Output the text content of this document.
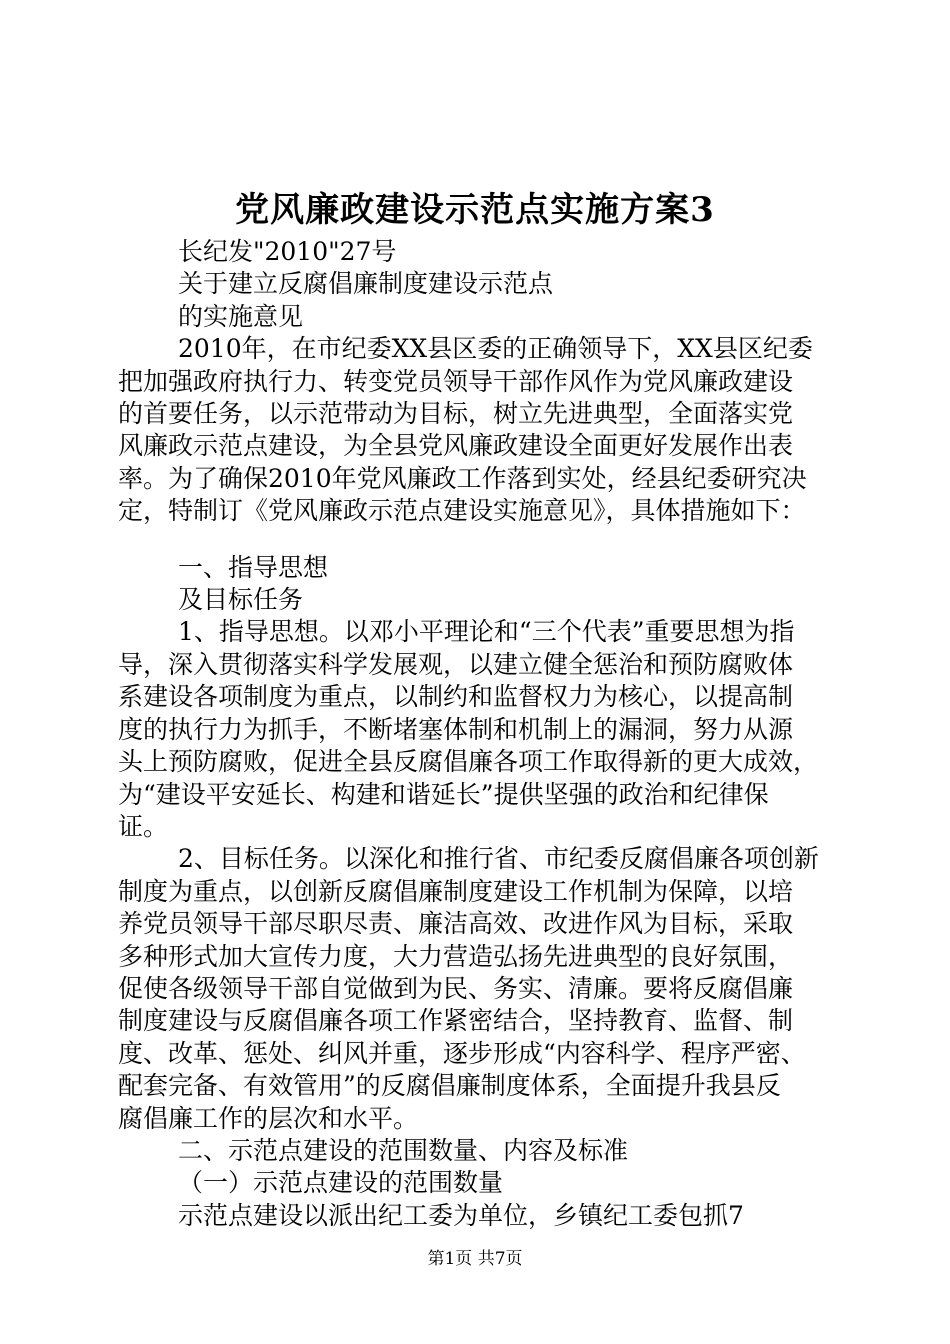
党风廉政建设示范点实施方案3

长纪发"2010"27号

关于建立反腐倡廉制度建设示范点

的实施意见

2010年，在市纪委XX县区委的正确领导下，XX县区纪委

把加强政府执行力、转变党员领导干部作风作为党风廉政建设

的首要任务，以示范带动为目标，树立先进典型，全面落实党

风廉政示范点建设，为全县党风廉政建设全面更好发展作出表

率。为了确保2010年党风廉政工作落到实处，经县纪委研究决

定，特制订《党风廉政示范点建设实施意见》，具体措施如下：

一、指导思想

及目标任务

1、指导思想。以邓小平理论和“三个代表”重要思想为指

导，深入贯彻落实科学发展观，以建立健全惩治和预防腐败体

系建设各项制度为重点，以制约和监督权力为核心，以提高制

度的执行力为抓手，不断堵塞体制和机制上的漏洞，努力从源

头上预防腐败，促进全县反腐倡廉各项工作取得新的更大成效，

为“建设平安延长、构建和谐延长”提供坚强的政治和纪律保

证。

2、目标任务。以深化和推行省、市纪委反腐倡廉各项创新

制度为重点，以创新反腐倡廉制度建设工作机制为保障，以培

养党员领导干部尽职尽责、廉洁高效、改进作风为目标，采取

多种形式加大宣传力度，大力营造弘扬先进典型的良好氛围，

促使各级领导干部自觉做到为民、务实、清廉。要将反腐倡廉

制度建设与反腐倡廉各项工作紧密结合，坚持教育、监督、制

度、改革、惩处、纠风并重，逐步形成“内容科学、程序严密、

配套完备、有效管用”的反腐倡廉制度体系，全面提升我县反

腐倡廉工作的层次和水平。

二、示范点建设的范围数量、内容及标准

（一）示范点建设的范围数量

示范点建设以派出纪工委为单位，乡镇纪工委包抓7

第1页 共7页
